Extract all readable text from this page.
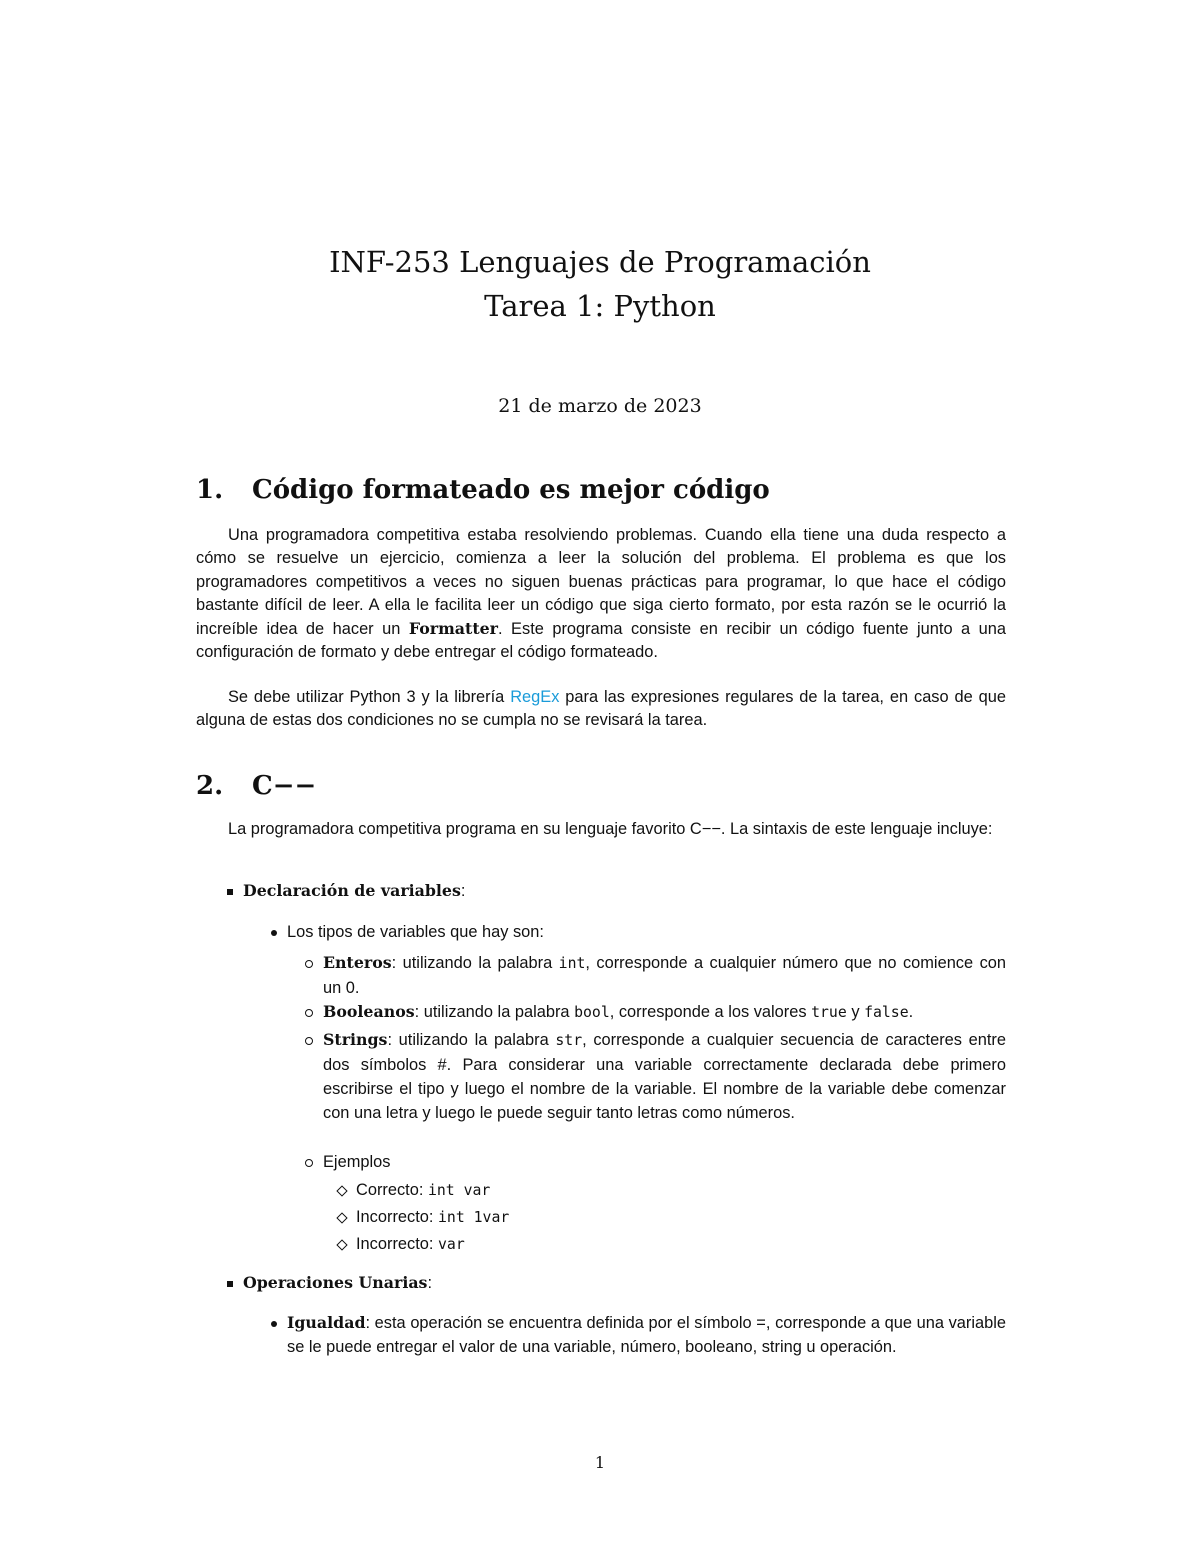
INF-253 Lenguajes de Programación
Tarea 1: Python
21 de marzo de 2023
1. Código formateado es mejor código

Una programadora competitiva estaba resolviendo problemas. Cuando ella tiene una duda respecto a cómo se resuelve un ejercicio, comienza a leer la solución del problema. El problema es que los programadores competitivos a veces no siguen buenas prácticas para programar, lo que hace el código bastante difícil de leer. A ella le facilita leer un código que siga cierto formato, por esta razón se le ocurrió la increíble idea de hacer un Formatter. Este programa consiste en recibir un código fuente junto a una configuración de formato y debe entregar el código formateado.

Se debe utilizar Python 3 y la librería RegEx para las expresiones regulares de la tarea, en caso de que alguna de estas dos condiciones no se cumpla no se revisará la tarea.

2. C−−

La programadora competitiva programa en su lenguaje favorito C−−. La sintaxis de este lenguaje incluye:

Declaración de variables:
Los tipos de variables que hay son:
Enteros: utilizando la palabra int, corresponde a cualquier número que no comience con un 0.
Booleanos: utilizando la palabra bool, corresponde a los valores true y false.
Strings: utilizando la palabra str, corresponde a cualquier secuencia de caracteres entre dos símbolos #. Para considerar una variable correctamente declarada debe primero escribirse el tipo y luego el nombre de la variable. El nombre de la variable debe comenzar con una letra y luego le puede seguir tanto letras como números.
Ejemplos
Correcto: int var
Incorrecto: int 1var
Incorrecto: var
Operaciones Unarias:
Igualdad: esta operación se encuentra definida por el símbolo =, corresponde a que una variable se le puede entregar el valor de una variable, número, booleano, string u operación.
1
